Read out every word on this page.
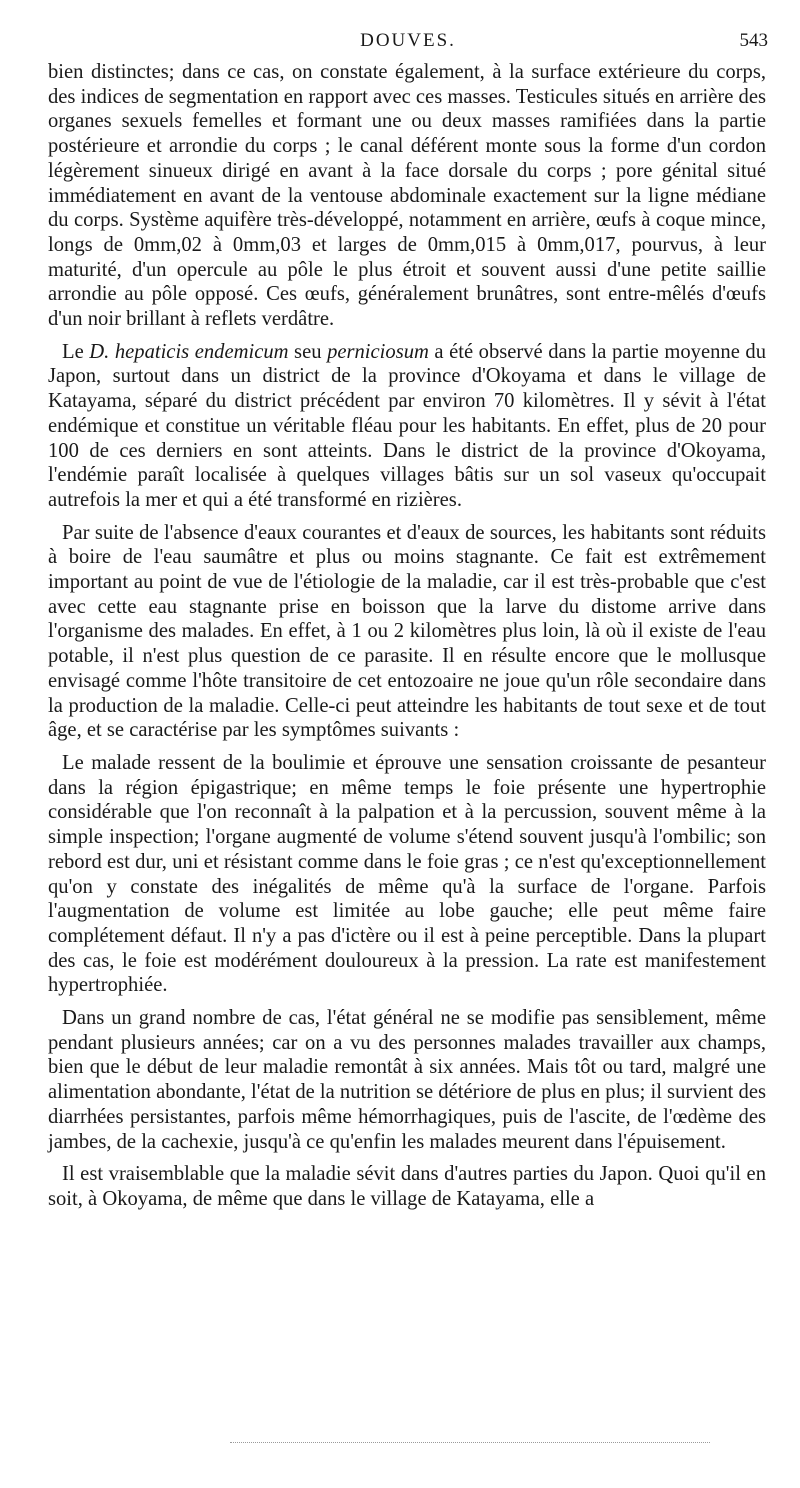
DOUVES.	543

bien distinctes; dans ce cas, on constate également, à la surface extérieure du corps, des indices de segmentation en rapport avec ces masses. Testicules situés en arrière des organes sexuels femelles et formant une ou deux masses ramifiées dans la partie postérieure et arrondie du corps ; le canal déférent monte sous la forme d'un cordon légèrement sinueux dirigé en avant à la face dorsale du corps ; pore génital situé immédiatement en avant de la ventouse abdominale exactement sur la ligne médiane du corps. Système aquifère très-développé, notamment en arrière, œufs à coque mince, longs de 0mm,02 à 0mm,03 et larges de 0mm,015 à 0mm,017, pourvus, à leur maturité, d'un opercule au pôle le plus étroit et souvent aussi d'une petite saillie arrondie au pôle opposé. Ces œufs, généralement brunâtres, sont entre-mêlés d'œufs d'un noir brillant à reflets verdâtre.

Le D. hepaticis endemicum seu perniciosum a été observé dans la partie moyenne du Japon, surtout dans un district de la province d'Okoyama et dans le village de Katayama, séparé du district précédent par environ 70 kilomètres. Il y sévit à l'état endémique et constitue un véritable fléau pour les habitants. En effet, plus de 20 pour 100 de ces derniers en sont atteints. Dans le district de la province d'Okoyama, l'endémie paraît localisée à quelques villages bâtis sur un sol vaseux qu'occupait autrefois la mer et qui a été transformé en rizières.

Par suite de l'absence d'eaux courantes et d'eaux de sources, les habitants sont réduits à boire de l'eau saumâtre et plus ou moins stagnante. Ce fait est extrêmement important au point de vue de l'étiologie de la maladie, car il est très-probable que c'est avec cette eau stagnante prise en boisson que la larve du distome arrive dans l'organisme des malades. En effet, à 1 ou 2 kilomètres plus loin, là où il existe de l'eau potable, il n'est plus question de ce parasite. Il en résulte encore que le mollusque envisagé comme l'hôte transitoire de cet entozoaire ne joue qu'un rôle secondaire dans la production de la maladie. Celle-ci peut atteindre les habitants de tout sexe et de tout âge, et se caractérise par les symptômes suivants :

Le malade ressent de la boulimie et éprouve une sensation croissante de pesanteur dans la région épigastrique; en même temps le foie présente une hypertrophie considérable que l'on reconnaît à la palpation et à la percussion, souvent même à la simple inspection; l'organe augmenté de volume s'étend souvent jusqu'à l'ombilic; son rebord est dur, uni et résistant comme dans le foie gras ; ce n'est qu'exceptionnellement qu'on y constate des inégalités de même qu'à la surface de l'organe. Parfois l'augmentation de volume est limitée au lobe gauche; elle peut même faire complétement défaut. Il n'y a pas d'ictère ou il est à peine perceptible. Dans la plupart des cas, le foie est modérément douloureux à la pression. La rate est manifestement hypertrophiée.

Dans un grand nombre de cas, l'état général ne se modifie pas sensiblement, même pendant plusieurs années; car on a vu des personnes malades travailler aux champs, bien que le début de leur maladie remontât à six années. Mais tôt ou tard, malgré une alimentation abondante, l'état de la nutrition se détériore de plus en plus; il survient des diarrhées persistantes, parfois même hémorrhagiques, puis de l'ascite, de l'œdème des jambes, de la cachexie, jusqu'à ce qu'enfin les malades meurent dans l'épuisement.

Il est vraisemblable que la maladie sévit dans d'autres parties du Japon. Quoi qu'il en soit, à Okoyama, de même que dans le village de Katayama, elle a
